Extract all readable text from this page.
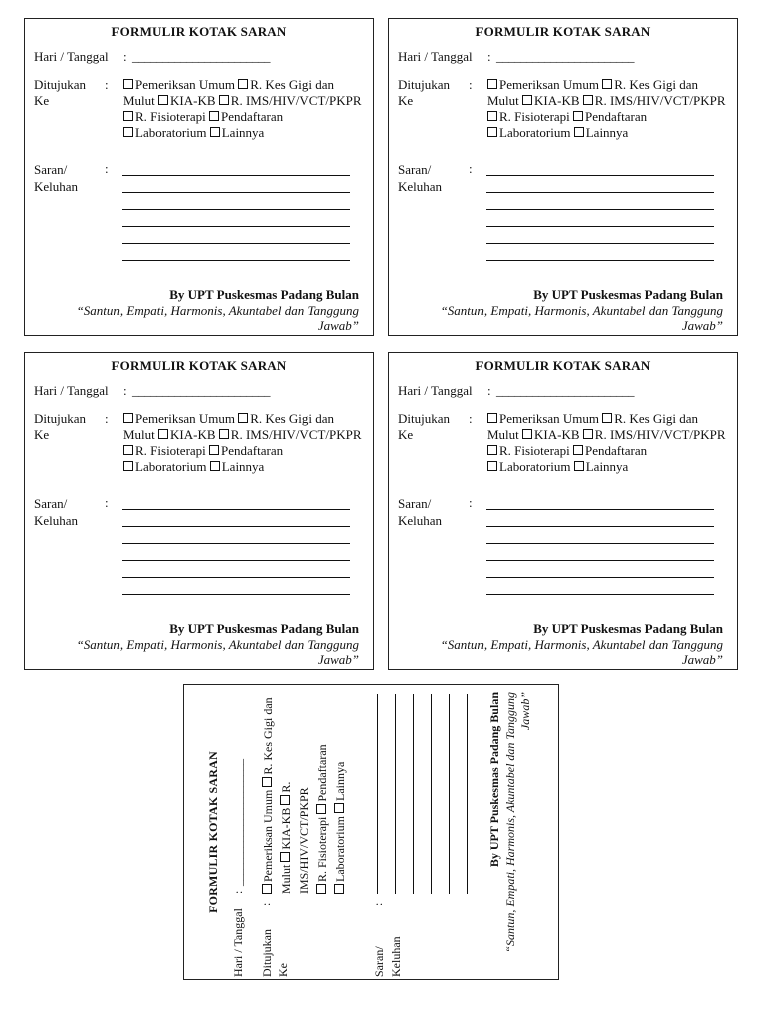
FORMULIR KOTAK SARAN
Hari / Tanggal : _______________________
Ditujukan Ke
:	Pemeriksan Umum R. Kes Gigi dan Mulut KIA-KB R. IMS/HIV/VCT/PKPR
R. Fisioterapi Pendaftaran
Laboratorium Lainnya
Saran/ Keluhan
:
By UPT Puskesmas Padang Bulan
“Santun, Empati, Harmonis, Akuntabel dan Tanggung Jawab”
FORMULIR KOTAK SARAN
Hari / Tanggal : _______________________
Ditujukan Ke
:	Pemeriksan Umum R. Kes Gigi dan Mulut KIA-KB R. IMS/HIV/VCT/PKPR
R. Fisioterapi Pendaftaran
Laboratorium Lainnya
Saran/ Keluhan
:
By UPT Puskesmas Padang Bulan
“Santun, Empati, Harmonis, Akuntabel dan Tanggung Jawab”
FORMULIR KOTAK SARAN
Hari / Tanggal : _______________________
Ditujukan Ke
:	Pemeriksan Umum R. Kes Gigi dan Mulut KIA-KB R. IMS/HIV/VCT/PKPR
R. Fisioterapi Pendaftaran
Laboratorium Lainnya
Saran/ Keluhan
:
By UPT Puskesmas Padang Bulan
“Santun, Empati, Harmonis, Akuntabel dan Tanggung Jawab”
FORMULIR KOTAK SARAN
Hari / Tanggal : _______________________
Ditujukan Ke
:	Pemeriksan Umum R. Kes Gigi dan Mulut KIA-KB R. IMS/HIV/VCT/PKPR
R. Fisioterapi Pendaftaran
Laboratorium Lainnya
Saran/ Keluhan
:
By UPT Puskesmas Padang Bulan
“Santun, Empati, Harmonis, Akuntabel dan Tanggung Jawab”
FORMULIR KOTAK SARAN
Hari / Tanggal
:
_______________________
Ditujukan Ke
:
Pemeriksan Umum R. Kes Gigi dan Mulut KIA-KB R. IMS/HIV/VCT/PKPR R. Fisioterapi Pendaftaran
Laboratorium Lainnya
Saran/ Keluhan
:
By UPT Puskesmas Padang Bulan “Santun, Empati, Harmonis, Akuntabel dan Tanggung Jawab”
